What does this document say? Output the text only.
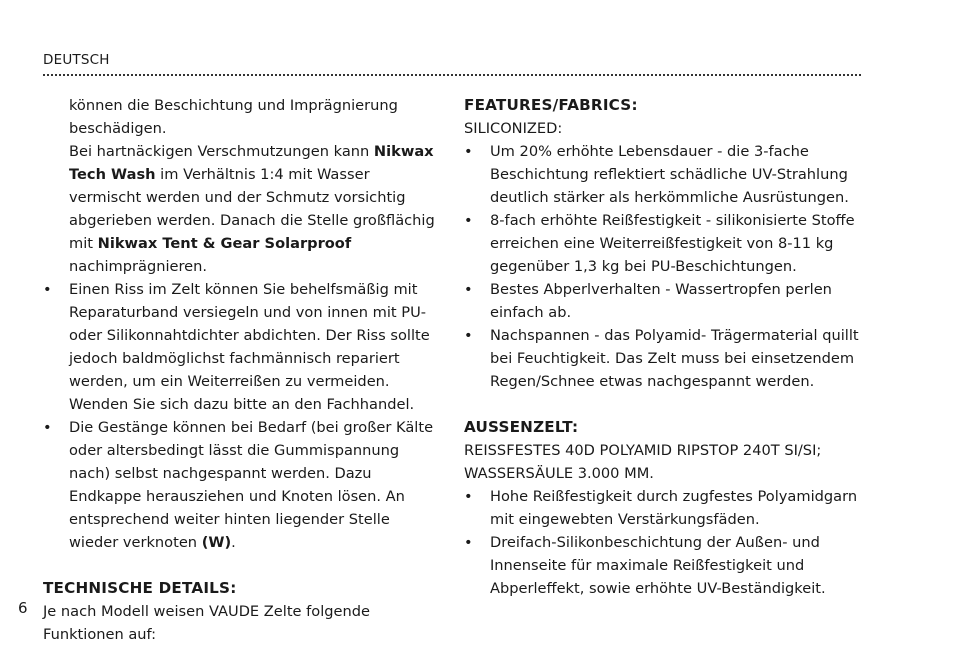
DEUTSCH

können die Beschichtung und Imprägnierung
beschädigen.

Bei hartnäckigen Verschmutzungen kann Nikwax Tech Wash im Verhältnis 1:4 mit Wasser vermischt werden und der Schmutz vorsichtig abgerieben werden. Danach die Stelle großflächig mit Nikwax Tent & Gear Solarproof nachimprägnieren.

• Einen Riss im Zelt können Sie behelfsmäßig mit Reparaturband versiegeln und von innen mit PU- oder Silikonnahtdichter abdichten. Der Riss sollte jedoch baldmöglichst fachmännisch repariert werden, um ein Weiterreißen zu vermeiden. Wenden Sie sich dazu bitte an den Fachhandel.
• Die Gestänge können bei Bedarf (bei großer Kälte oder altersbedingt lässt die Gummispannung nach) selbst nachgespannt werden. Dazu Endkappe herausziehen und Knoten lösen. An entsprechend weiter hinten liegender Stelle wieder verknoten (W).
TECHNISCHE DETAILS:

Je nach Modell weisen VAUDE Zelte folgende Funktionen auf:

FEATURES/FABRICS:

SILICONIZED:

• Um 20% erhöhte Lebensdauer - die 3-fache Beschichtung reflektiert schädliche UV-Strahlung deutlich stärker als herkömmliche Ausrüstungen.
• 8-fach erhöhte Reißfestigkeit - silikonisierte Stoffe erreichen eine Weiterreißfestigkeit von 8-11 kg gegenüber 1,3 kg bei PU-Beschichtungen.
• Bestes Abperlverhalten - Wassertropfen perlen einfach ab.
• Nachspannen - das Polyamid- Trägermaterial quillt bei Feuchtigkeit. Das Zelt muss bei einsetzendem Regen/Schnee etwas nachgespannt werden.
AUSSENZELT:

REISSFESTES 40D POLYAMID RIPSTOP 240T SI/SI;

WASSERSÄULE 3.000 MM.

• Hohe Reißfestigkeit durch zugfestes Polyamidgarn mit eingewebten Verstärkungsfäden.
• Dreifach-Silikonbeschichtung der Außen- und Innenseite für maximale Reißfestigkeit und Abperleffekt, sowie erhöhte UV-Beständigkeit.
6
